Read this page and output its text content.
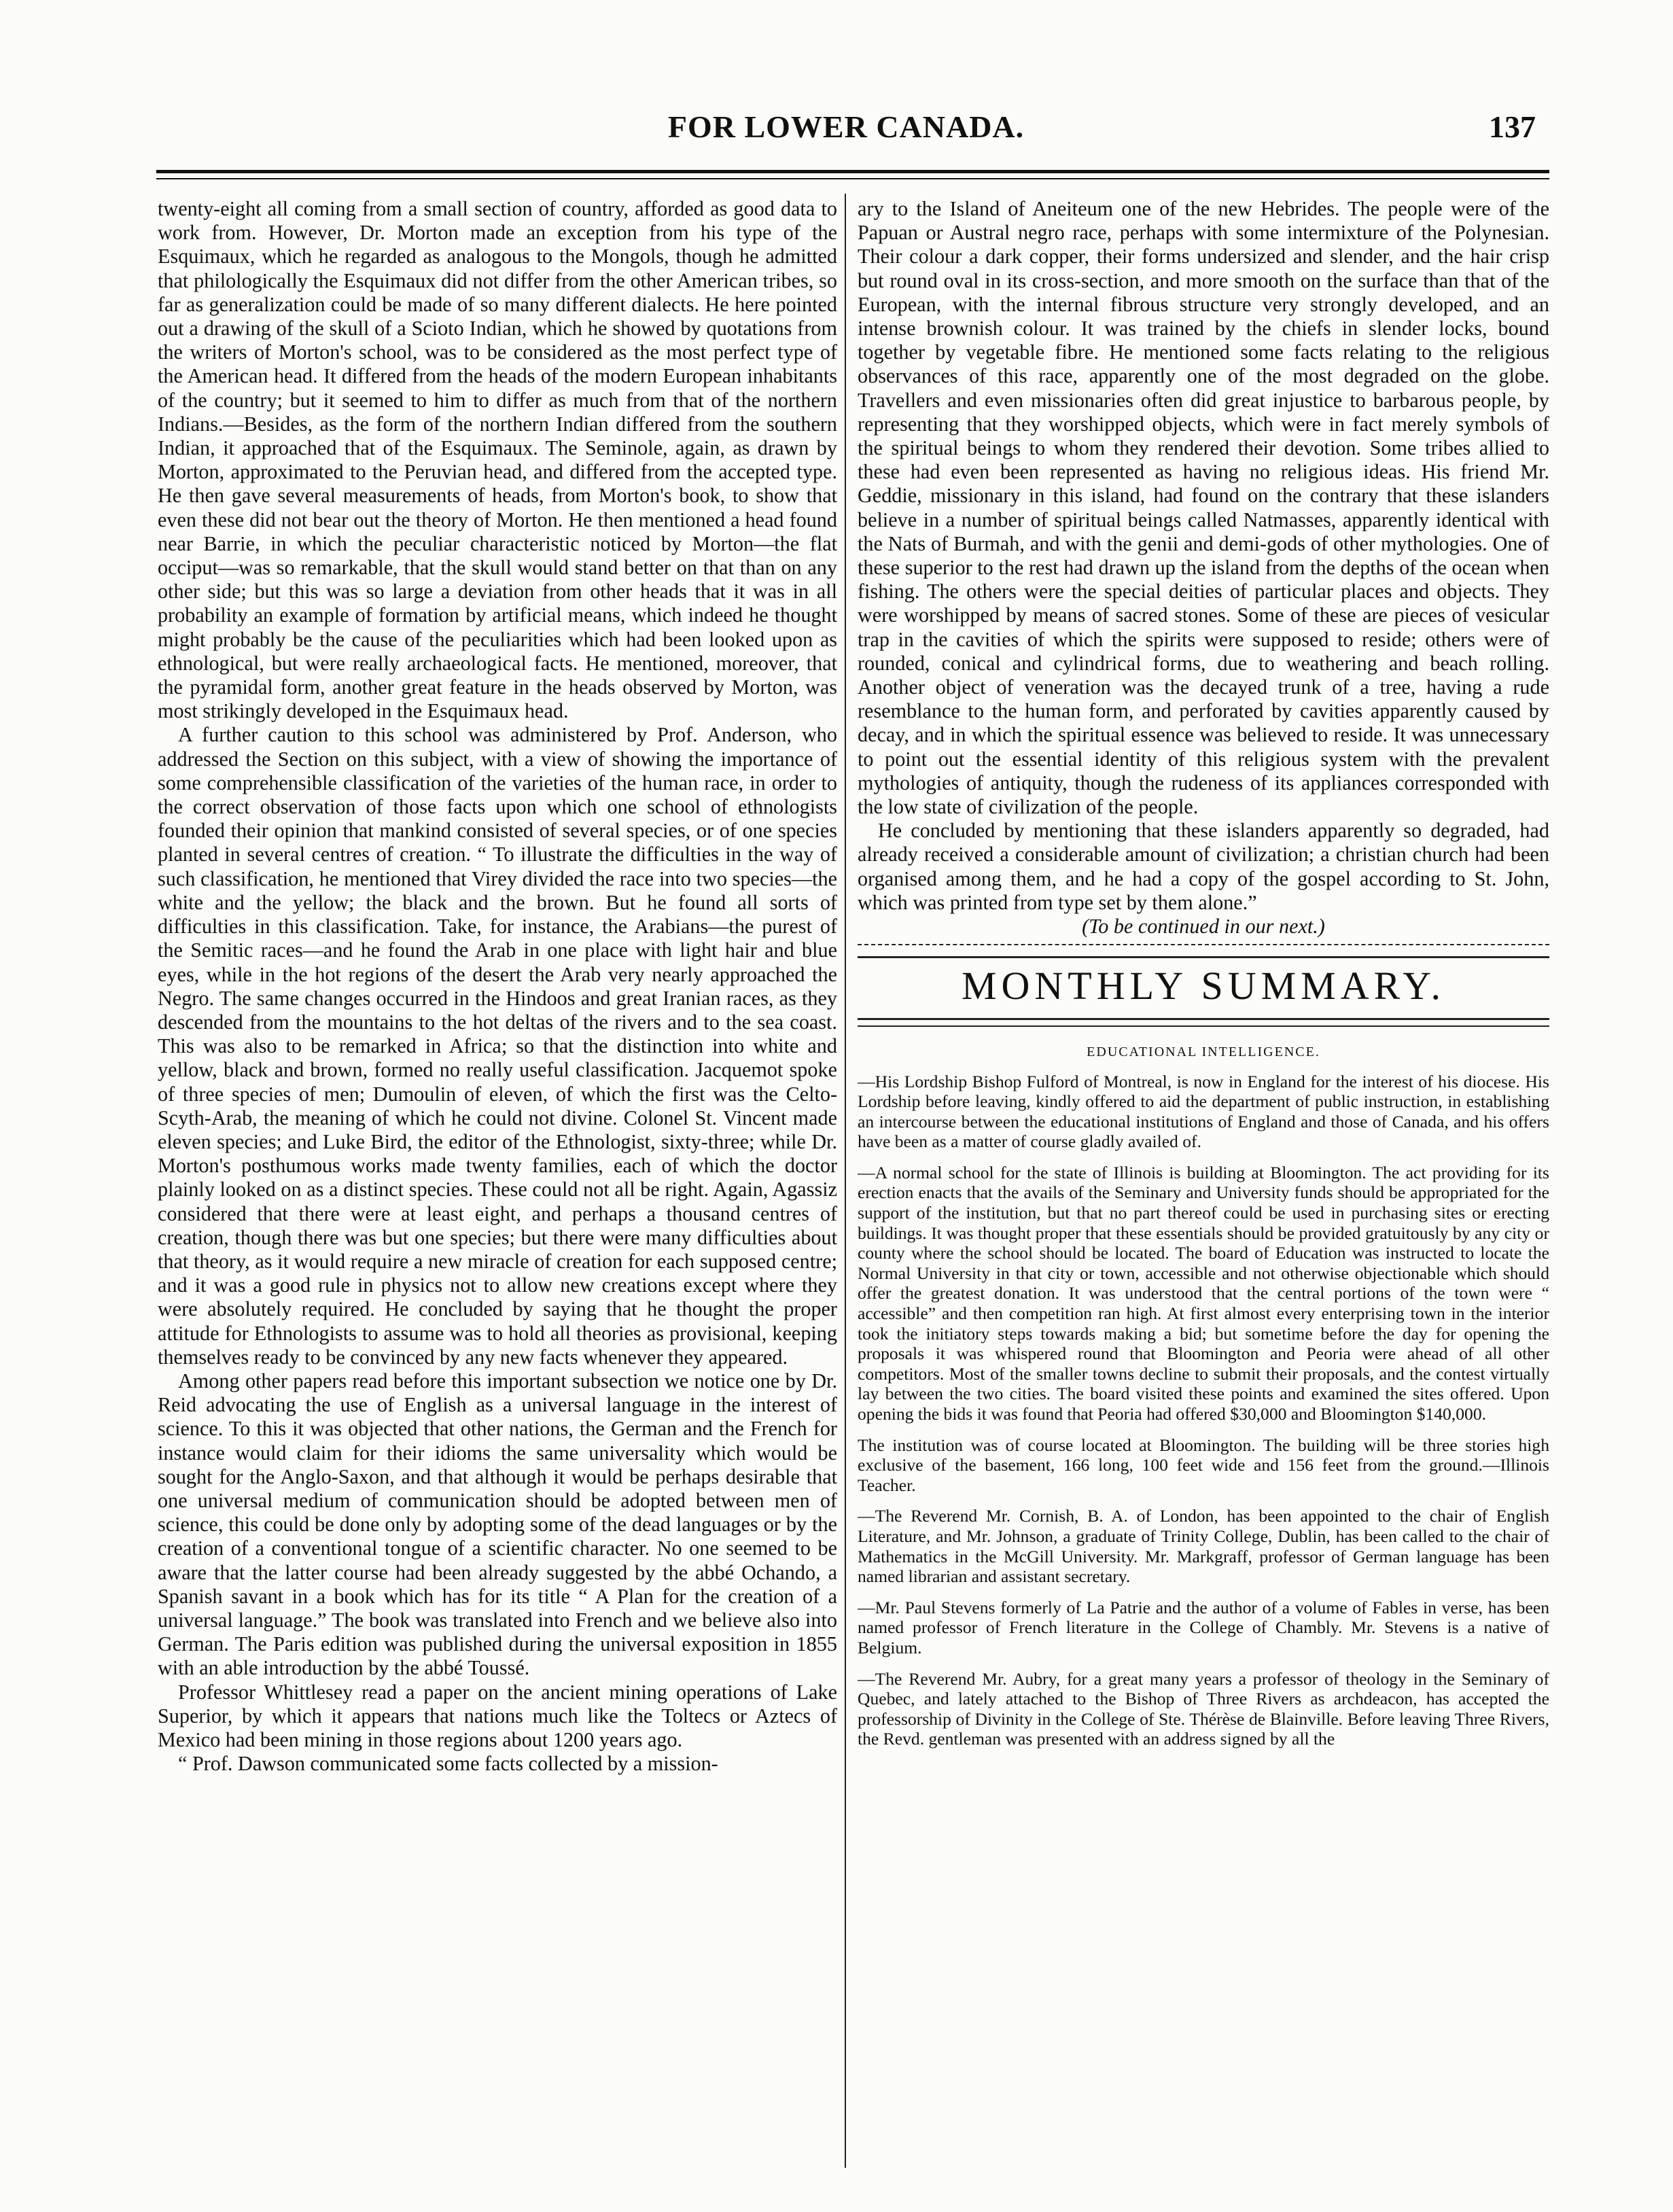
FOR LOWER CANADA.	137

twenty-eight all coming from a small section of country, afforded as good data to work from. However, Dr. Morton made an exception from his type of the Esquimaux, which he regarded as analogous to the Mongols, though he admitted that philologically the Esquimaux did not differ from the other American tribes, so far as generalization could be made of so many different dialects. He here pointed out a drawing of the skull of a Scioto Indian, which he showed by quotations from the writers of Morton's school, was to be considered as the most perfect type of the American head. It differed from the heads of the modern European inhabitants of the country; but it seemed to him to differ as much from that of the northern Indians.—Besides, as the form of the northern Indian differed from the southern Indian, it approached that of the Esquimaux. The Seminole, again, as drawn by Morton, approximated to the Peruvian head, and differed from the accepted type. He then gave several measurements of heads, from Morton's book, to show that even these did not bear out the theory of Morton. He then mentioned a head found near Barrie, in which the peculiar characteristic noticed by Morton—the flat occiput—was so remarkable, that the skull would stand better on that than on any other side; but this was so large a deviation from other heads that it was in all probability an example of formation by artificial means, which indeed he thought might probably be the cause of the peculiarities which had been looked upon as ethnological, but were really archaeological facts. He mentioned, moreover, that the pyramidal form, another great feature in the heads observed by Morton, was most strikingly developed in the Esquimaux head.

A further caution to this school was administered by Prof. Anderson, who addressed the Section on this subject, with a view of showing the importance of some comprehensible classification of the varieties of the human race, in order to the correct observation of those facts upon which one school of ethnologists founded their opinion that mankind consisted of several species, or of one species planted in several centres of creation. “ To illustrate the difficulties in the way of such classification, he mentioned that Virey divided the race into two species—the white and the yellow; the black and the brown. But he found all sorts of difficulties in this classification. Take, for instance, the Arabians—the purest of the Semitic races—and he found the Arab in one place with light hair and blue eyes, while in the hot regions of the desert the Arab very nearly approached the Negro. The same changes occurred in the Hindoos and great Iranian races, as they descended from the mountains to the hot deltas of the rivers and to the sea coast. This was also to be remarked in Africa; so that the distinction into white and yellow, black and brown, formed no really useful classification. Jacquemot spoke of three species of men; Dumoulin of eleven, of which the first was the Celto-Scyth-Arab, the meaning of which he could not divine. Colonel St. Vincent made eleven species; and Luke Bird, the editor of the Ethnologist, sixty-three; while Dr. Morton's posthumous works made twenty families, each of which the doctor plainly looked on as a distinct species. These could not all be right. Again, Agassiz considered that there were at least eight, and perhaps a thousand centres of creation, though there was but one species; but there were many difficulties about that theory, as it would require a new miracle of creation for each supposed centre; and it was a good rule in physics not to allow new creations except where they were absolutely required. He concluded by saying that he thought the proper attitude for Ethnologists to assume was to hold all theories as provisional, keeping themselves ready to be convinced by any new facts whenever they appeared.

Among other papers read before this important subsection we notice one by Dr. Reid advocating the use of English as a universal language in the interest of science. To this it was objected that other nations, the German and the French for instance would claim for their idioms the same universality which would be sought for the Anglo-Saxon, and that although it would be perhaps desirable that one universal medium of communication should be adopted between men of science, this could be done only by adopting some of the dead languages or by the creation of a conventional tongue of a scientific character. No one seemed to be aware that the latter course had been already suggested by the abbé Ochando, a Spanish savant in a book which has for its title “ A Plan for the creation of a universal language.” The book was translated into French and we believe also into German. The Paris edition was published during the universal exposition in 1855 with an able introduction by the abbé Toussé.

Professor Whittlesey read a paper on the ancient mining operations of Lake Superior, by which it appears that nations much like the Toltecs or Aztecs of Mexico had been mining in those regions about 1200 years ago.

“ Prof. Dawson communicated some facts collected by a mission-

ary to the Island of Aneiteum one of the new Hebrides. The people were of the Papuan or Austral negro race, perhaps with some intermixture of the Polynesian. Their colour a dark copper, their forms undersized and slender, and the hair crisp but round oval in its cross-section, and more smooth on the surface than that of the European, with the internal fibrous structure very strongly developed, and an intense brownish colour. It was trained by the chiefs in slender locks, bound together by vegetable fibre. He mentioned some facts relating to the religious observances of this race, apparently one of the most degraded on the globe. Travellers and even missionaries often did great injustice to barbarous people, by representing that they worshipped objects, which were in fact merely symbols of the spiritual beings to whom they rendered their devotion. Some tribes allied to these had even been represented as having no religious ideas. His friend Mr. Geddie, missionary in this island, had found on the contrary that these islanders believe in a number of spiritual beings called Natmasses, apparently identical with the Nats of Burmah, and with the genii and demi-gods of other mythologies. One of these superior to the rest had drawn up the island from the depths of the ocean when fishing. The others were the special deities of particular places and objects. They were worshipped by means of sacred stones. Some of these are pieces of vesicular trap in the cavities of which the spirits were supposed to reside; others were of rounded, conical and cylindrical forms, due to weathering and beach rolling. Another object of veneration was the decayed trunk of a tree, having a rude resemblance to the human form, and perforated by cavities apparently caused by decay, and in which the spiritual essence was believed to reside. It was unnecessary to point out the essential identity of this religious system with the prevalent mythologies of antiquity, though the rudeness of its appliances corresponded with the low state of civilization of the people.

He concluded by mentioning that these islanders apparently so degraded, had already received a considerable amount of civilization; a christian church had been organised among them, and he had a copy of the gospel according to St. John, which was printed from type set by them alone.”

(To be continued in our next.)

MONTHLY SUMMARY.
EDUCATIONAL INTELLIGENCE.

—His Lordship Bishop Fulford of Montreal, is now in England for the interest of his diocese. His Lordship before leaving, kindly offered to aid the department of public instruction, in establishing an intercourse between the educational institutions of England and those of Canada, and his offers have been as a matter of course gladly availed of.

—A normal school for the state of Illinois is building at Bloomington. The act providing for its erection enacts that the avails of the Seminary and University funds should be appropriated for the support of the institution, but that no part thereof could be used in purchasing sites or erecting buildings. It was thought proper that these essentials should be provided gratuitously by any city or county where the school should be located. The board of Education was instructed to locate the Normal University in that city or town, accessible and not otherwise objectionable which should offer the greatest donation. It was understood that the central portions of the town were “ accessible” and then competition ran high. At first almost every enterprising town in the interior took the initiatory steps towards making a bid; but sometime before the day for opening the proposals it was whispered round that Bloomington and Peoria were ahead of all other competitors. Most of the smaller towns decline to submit their proposals, and the contest virtually lay between the two cities. The board visited these points and examined the sites offered. Upon opening the bids it was found that Peoria had offered $30,000 and Bloomington $140,000.

The institution was of course located at Bloomington. The building will be three stories high exclusive of the basement, 166 long, 100 feet wide and 156 feet from the ground.—Illinois Teacher.

—The Reverend Mr. Cornish, B. A. of London, has been appointed to the chair of English Literature, and Mr. Johnson, a graduate of Trinity College, Dublin, has been called to the chair of Mathematics in the McGill University. Mr. Markgraff, professor of German language has been named librarian and assistant secretary.

—Mr. Paul Stevens formerly of La Patrie and the author of a volume of Fables in verse, has been named professor of French literature in the College of Chambly. Mr. Stevens is a native of Belgium.

—The Reverend Mr. Aubry, for a great many years a professor of theology in the Seminary of Quebec, and lately attached to the Bishop of Three Rivers as archdeacon, has accepted the professorship of Divinity in the College of Ste. Thérèse de Blainville. Before leaving Three Rivers, the Revd. gentleman was presented with an address signed by all the
